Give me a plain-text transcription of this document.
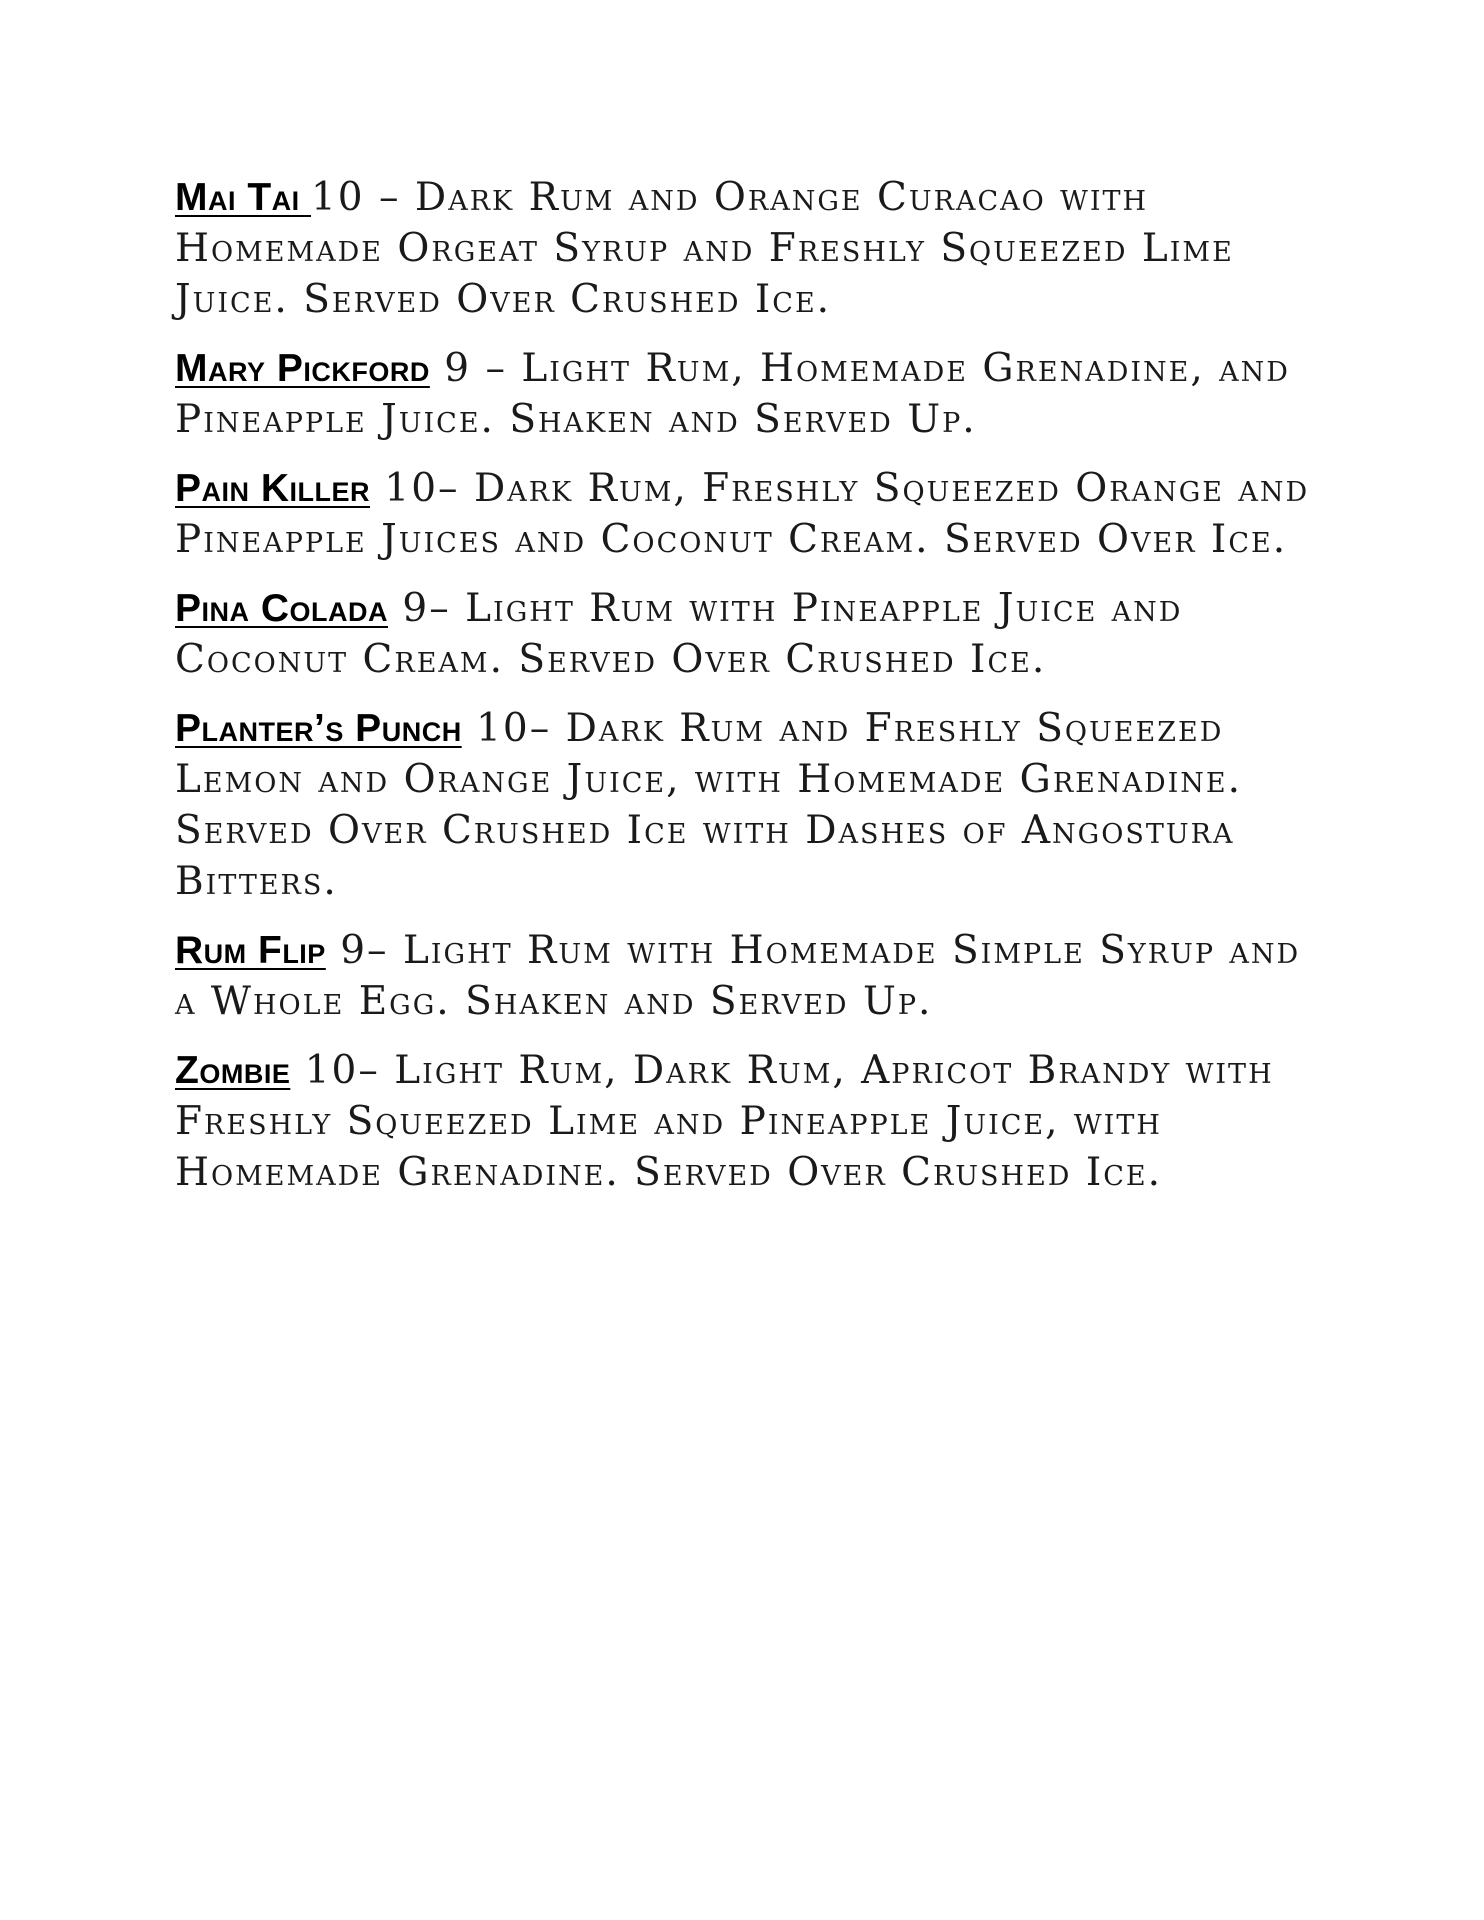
Mai Tai 10 – Dark Rum and Orange Curacao with Homemade Orgeat Syrup and Freshly Squeezed Lime Juice. Served Over Crushed Ice.

Mary Pickford 9 – Light Rum, Homemade Grenadine, and Pineapple Juice. Shaken and Served Up.

Pain Killer 10– Dark Rum, Freshly Squeezed Orange and Pineapple Juices and Coconut Cream. Served Over Ice.

Pina Colada 9– Light Rum with Pineapple Juice and Coconut Cream. Served Over Crushed Ice.

Planter’s Punch 10– Dark Rum and Freshly Squeezed Lemon and Orange Juice, with Homemade Grenadine. Served Over Crushed Ice with Dashes of Angostura Bitters.

Rum Flip 9– Light Rum with Homemade Simple Syrup and a Whole Egg. Shaken and Served Up.

Zombie 10– Light Rum, Dark Rum, Apricot Brandy with Freshly Squeezed Lime and Pineapple Juice, with Homemade Grenadine. Served Over Crushed Ice.
